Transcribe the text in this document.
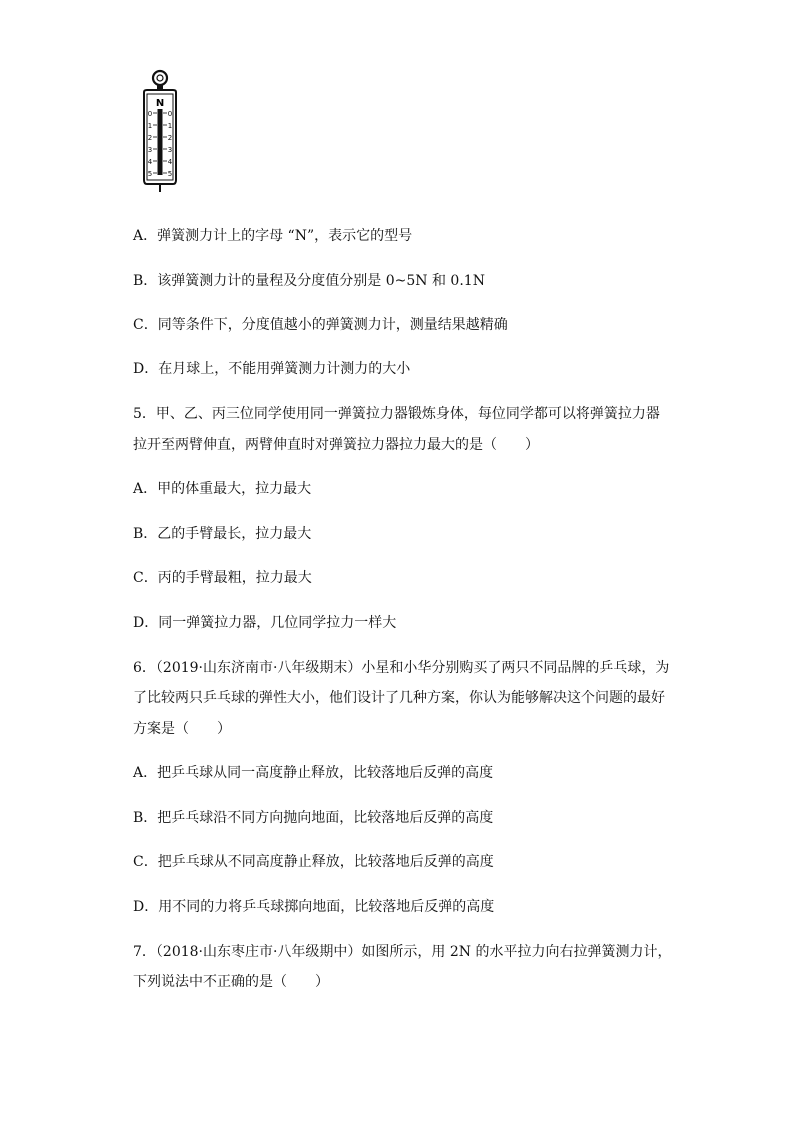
N
0
1
2
3
4
5
0
1
2
3
4
5
A．弹簧测力计上的字母 “N”，表示它的型号
B．该弹簧测力计的量程及分度值分别是 0~5N 和 0.1N
C．同等条件下，分度值越小的弹簧测力计，测量结果越精确
D．在月球上，不能用弹簧测力计测力的大小
5．甲、乙、丙三位同学使用同一弹簧拉力器锻炼身体，每位同学都可以将弹簧拉力器
拉开至两臂伸直，两臂伸直时对弹簧拉力器拉力最大的是（　　）
A．甲的体重最大，拉力最大
B．乙的手臂最长，拉力最大
C．丙的手臂最粗，拉力最大
D．同一弹簧拉力器，几位同学拉力一样大
6．（2019·山东济南市·八年级期末）小星和小华分别购买了两只不同品牌的乒乓球，为
了比较两只乒乓球的弹性大小，他们设计了几种方案，你认为能够解决这个问题的最好
方案是（　　）
A．把乒乓球从同一高度静止释放，比较落地后反弹的高度
B．把乒乓球沿不同方向抛向地面，比较落地后反弹的高度
C．把乒乓球从不同高度静止释放，比较落地后反弹的高度
D．用不同的力将乒乓球掷向地面，比较落地后反弹的高度
7．（2018·山东枣庄市·八年级期中）如图所示，用 2N 的水平拉力向右拉弹簧测力计，
下列说法中不正确的是（　　）
